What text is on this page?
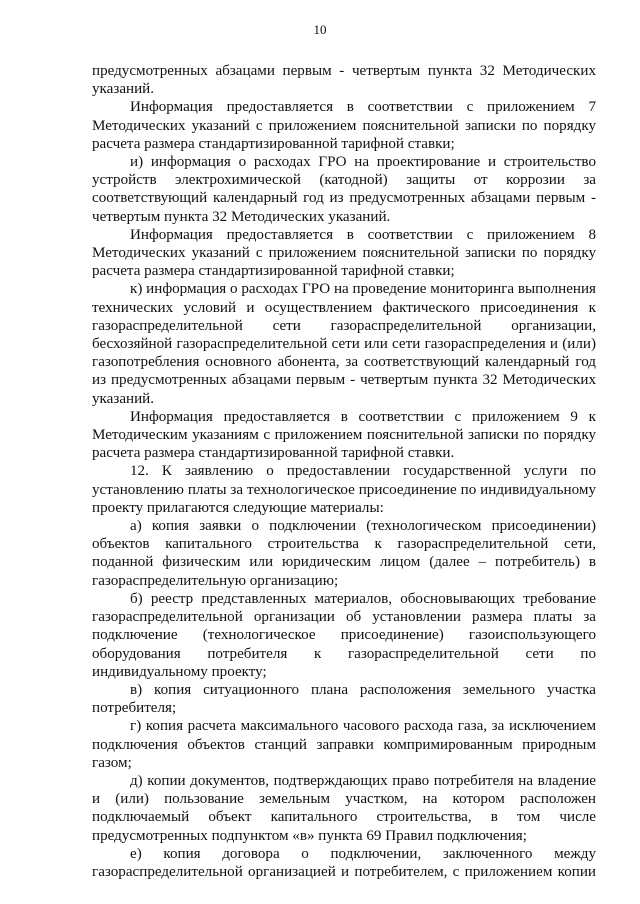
10

предусмотренных абзацами первым - четвертым пункта 32 Методических указаний.

Информация предоставляется в соответствии с приложением 7 Методических указаний с приложением пояснительной записки по порядку расчета размера стандартизированной тарифной ставки;

и) информация о расходах ГРО на проектирование и строительство устройств электрохимической (катодной) защиты от коррозии за соответствующий календарный год из предусмотренных абзацами первым - четвертым пункта 32 Методических указаний.

Информация предоставляется в соответствии с приложением 8 Методических указаний с приложением пояснительной записки по порядку расчета размера стандартизированной тарифной ставки;

к) информация о расходах ГРО на проведение мониторинга выполнения технических условий и осуществлением фактического присоединения к газораспределительной сети газораспределительной организации, бесхозяйной газораспределительной сети или сети газораспределения и (или) газопотребления основного абонента, за соответствующий календарный год из предусмотренных абзацами первым - четвертым пункта 32 Методических указаний.

Информация предоставляется в соответствии с приложением 9 к Методическим указаниям с приложением пояснительной записки по порядку расчета размера стандартизированной тарифной ставки.

12. К заявлению о предоставлении государственной услуги по установлению платы за технологическое присоединение по индивидуальному проекту прилагаются следующие материалы:

а) копия заявки о подключении (технологическом присоединении) объектов капитального строительства к газораспределительной сети, поданной физическим или юридическим лицом (далее – потребитель) в газораспределительную организацию;

б) реестр представленных материалов, обосновывающих требование газораспределительной организации об установлении размера платы за подключение (технологическое присоединение) газоиспользующего оборудования потребителя к газораспределительной сети по индивидуальному проекту;

в) копия ситуационного плана расположения земельного участка потребителя;

г) копия расчета максимального часового расхода газа, за исключением подключения объектов станций заправки компримированным природным газом;

д) копии документов, подтверждающих право потребителя на владение и (или) пользование земельным участком, на котором расположен подключаемый объект капитального строительства, в том числе предусмотренных подпунктом «в» пункта 69 Правил подключения;

е) копия договора о подключении, заключенного между газораспределительной организацией и потребителем, с приложением копии
